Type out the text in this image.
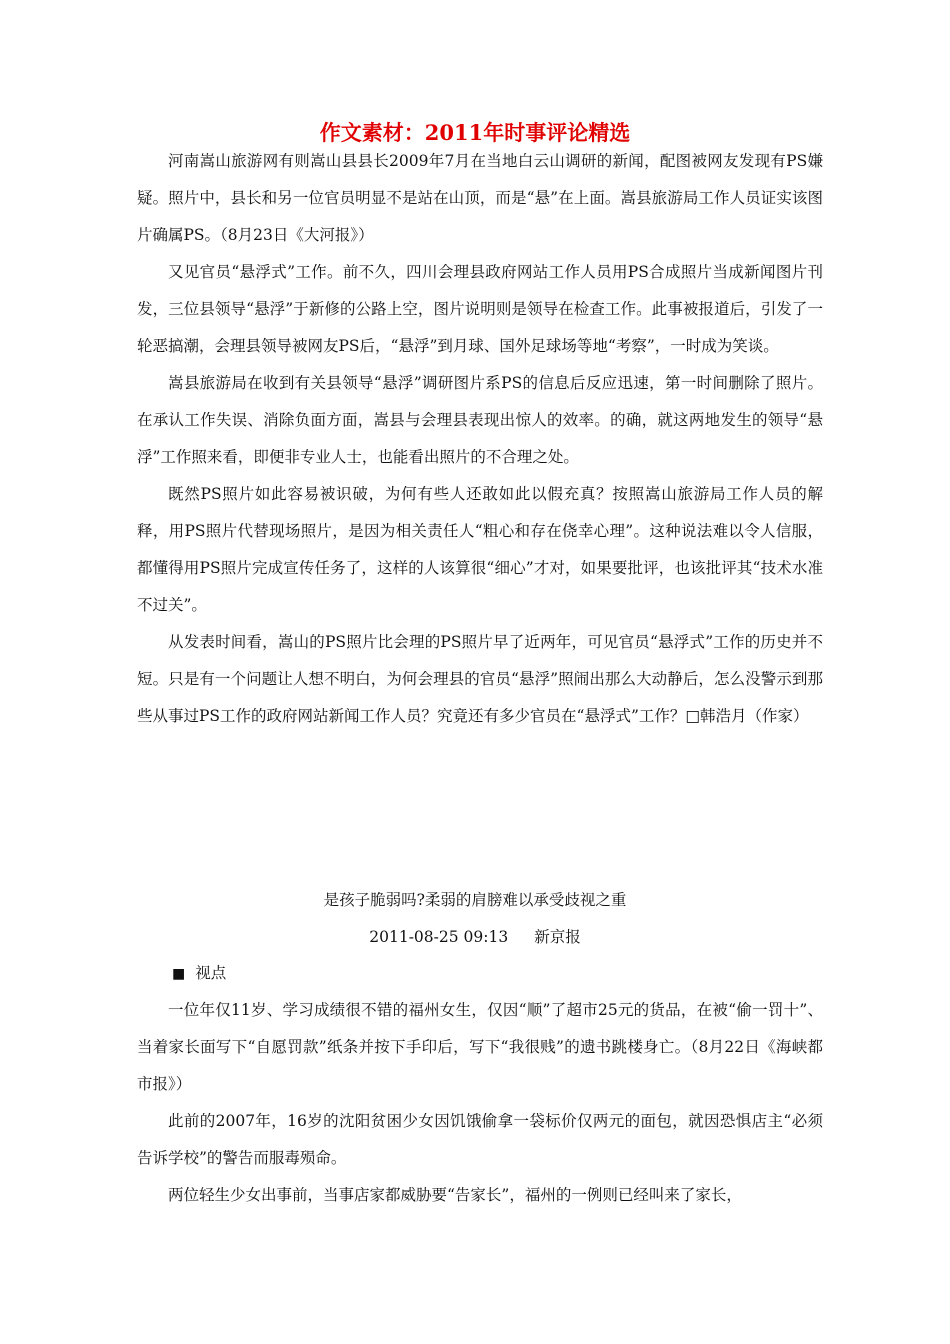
作文素材：2011年时事评论精选

河南嵩山旅游网有则嵩山县县长2009年7月在当地白云山调研的新闻，配图被网友发现有PS嫌疑。照片中，县长和另一位官员明显不是站在山顶，而是“悬”在上面。嵩县旅游局工作人员证实该图片确属PS。（8月23日《大河报》）

又见官员“悬浮式”工作。前不久，四川会理县政府网站工作人员用PS合成照片当成新闻图片刊发，三位县领导“悬浮”于新修的公路上空，图片说明则是领导在检查工作。此事被报道后，引发了一轮恶搞潮，会理县领导被网友PS后，“悬浮”到月球、国外足球场等地“考察”，一时成为笑谈。

嵩县旅游局在收到有关县领导“悬浮”调研图片系PS的信息后反应迅速，第一时间删除了照片。在承认工作失误、消除负面方面，嵩县与会理县表现出惊人的效率。的确，就这两地发生的领导“悬浮”工作照来看，即便非专业人士，也能看出照片的不合理之处。

既然PS照片如此容易被识破，为何有些人还敢如此以假充真？按照嵩山旅游局工作人员的解释，用PS照片代替现场照片，是因为相关责任人“粗心和存在侥幸心理”。这种说法难以令人信服，都懂得用PS照片完成宣传任务了，这样的人该算很“细心”才对，如果要批评，也该批评其“技术水准不过关”。

从发表时间看，嵩山的PS照片比会理的PS照片早了近两年，可见官员“悬浮式”工作的历史并不短。只是有一个问题让人想不明白，为何会理县的官员“悬浮”照闹出那么大动静后，怎么没警示到那些从事过PS工作的政府网站新闻工作人员？究竟还有多少官员在“悬浮式”工作？□韩浩月（作家）

是孩子脆弱吗?柔弱的肩膀难以承受歧视之重
2011-08-25 09:13 新京报
■ 视点

一位年仅11岁、学习成绩很不错的福州女生，仅因“顺”了超市25元的货品，在被“偷一罚十”、当着家长面写下“自愿罚款”纸条并按下手印后，写下“我很贱”的遗书跳楼身亡。（8月22日《海峡都市报》）

此前的2007年，16岁的沈阳贫困少女因饥饿偷拿一袋标价仅两元的面包，就因恐惧店主“必须告诉学校”的警告而服毒殒命。

两位轻生少女出事前，当事店家都威胁要“告家长”，福州的一例则已经叫来了家长，
